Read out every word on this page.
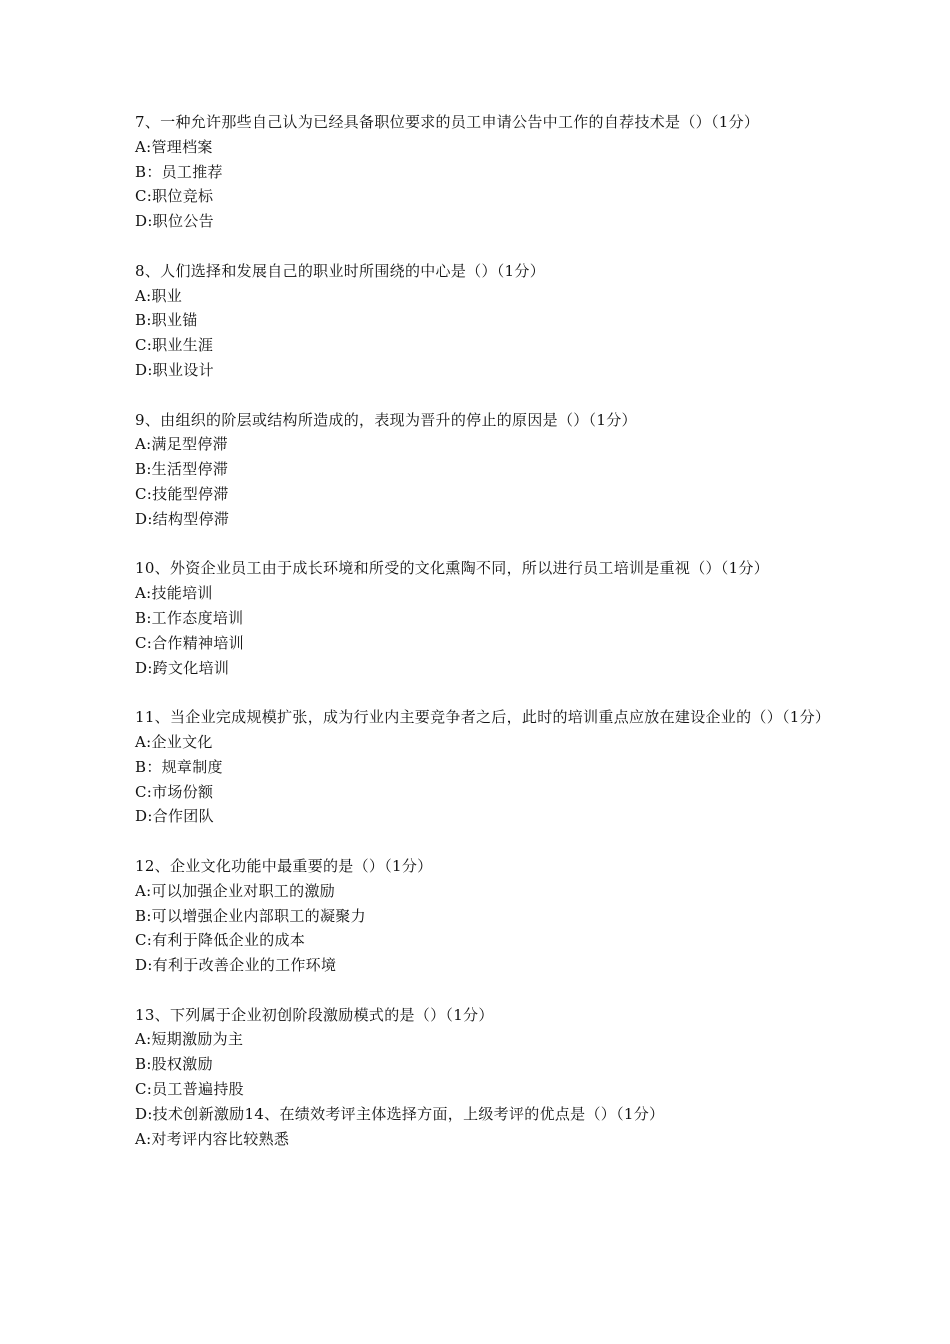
7、一种允许那些自己认为已经具备职位要求的员工申请公告中工作的自荐技术是（）（1分）
A:管理档案
B：员工推荐
C:职位竞标
D:职位公告
8、人们选择和发展自己的职业时所围绕的中心是（）（1分）
A:职业
B:职业锚
C:职业生涯
D:职业设计
9、由组织的阶层或结构所造成的，表现为晋升的停止的原因是（）（1分）
A:满足型停滞
B:生活型停滞
C:技能型停滞
D:结构型停滞
10、外资企业员工由于成长环境和所受的文化熏陶不同，所以进行员工培训是重视（）（1分）
A:技能培训
B:工作态度培训
C:合作精神培训
D:跨文化培训
11、当企业完成规模扩张，成为行业内主要竞争者之后，此时的培训重点应放在建设企业的（）（1分）
A:企业文化
B：规章制度
C:市场份额
D:合作团队
12、企业文化功能中最重要的是（）（1分）
A:可以加强企业对职工的激励
B:可以增强企业内部职工的凝聚力
C:有利于降低企业的成本
D:有利于改善企业的工作环境
13、下列属于企业初创阶段激励模式的是（）（1分）
A:短期激励为主
B:股权激励
C:员工普遍持股
D:技术创新激励14、在绩效考评主体选择方面，上级考评的优点是（）（1分）
A:对考评内容比较熟悉
